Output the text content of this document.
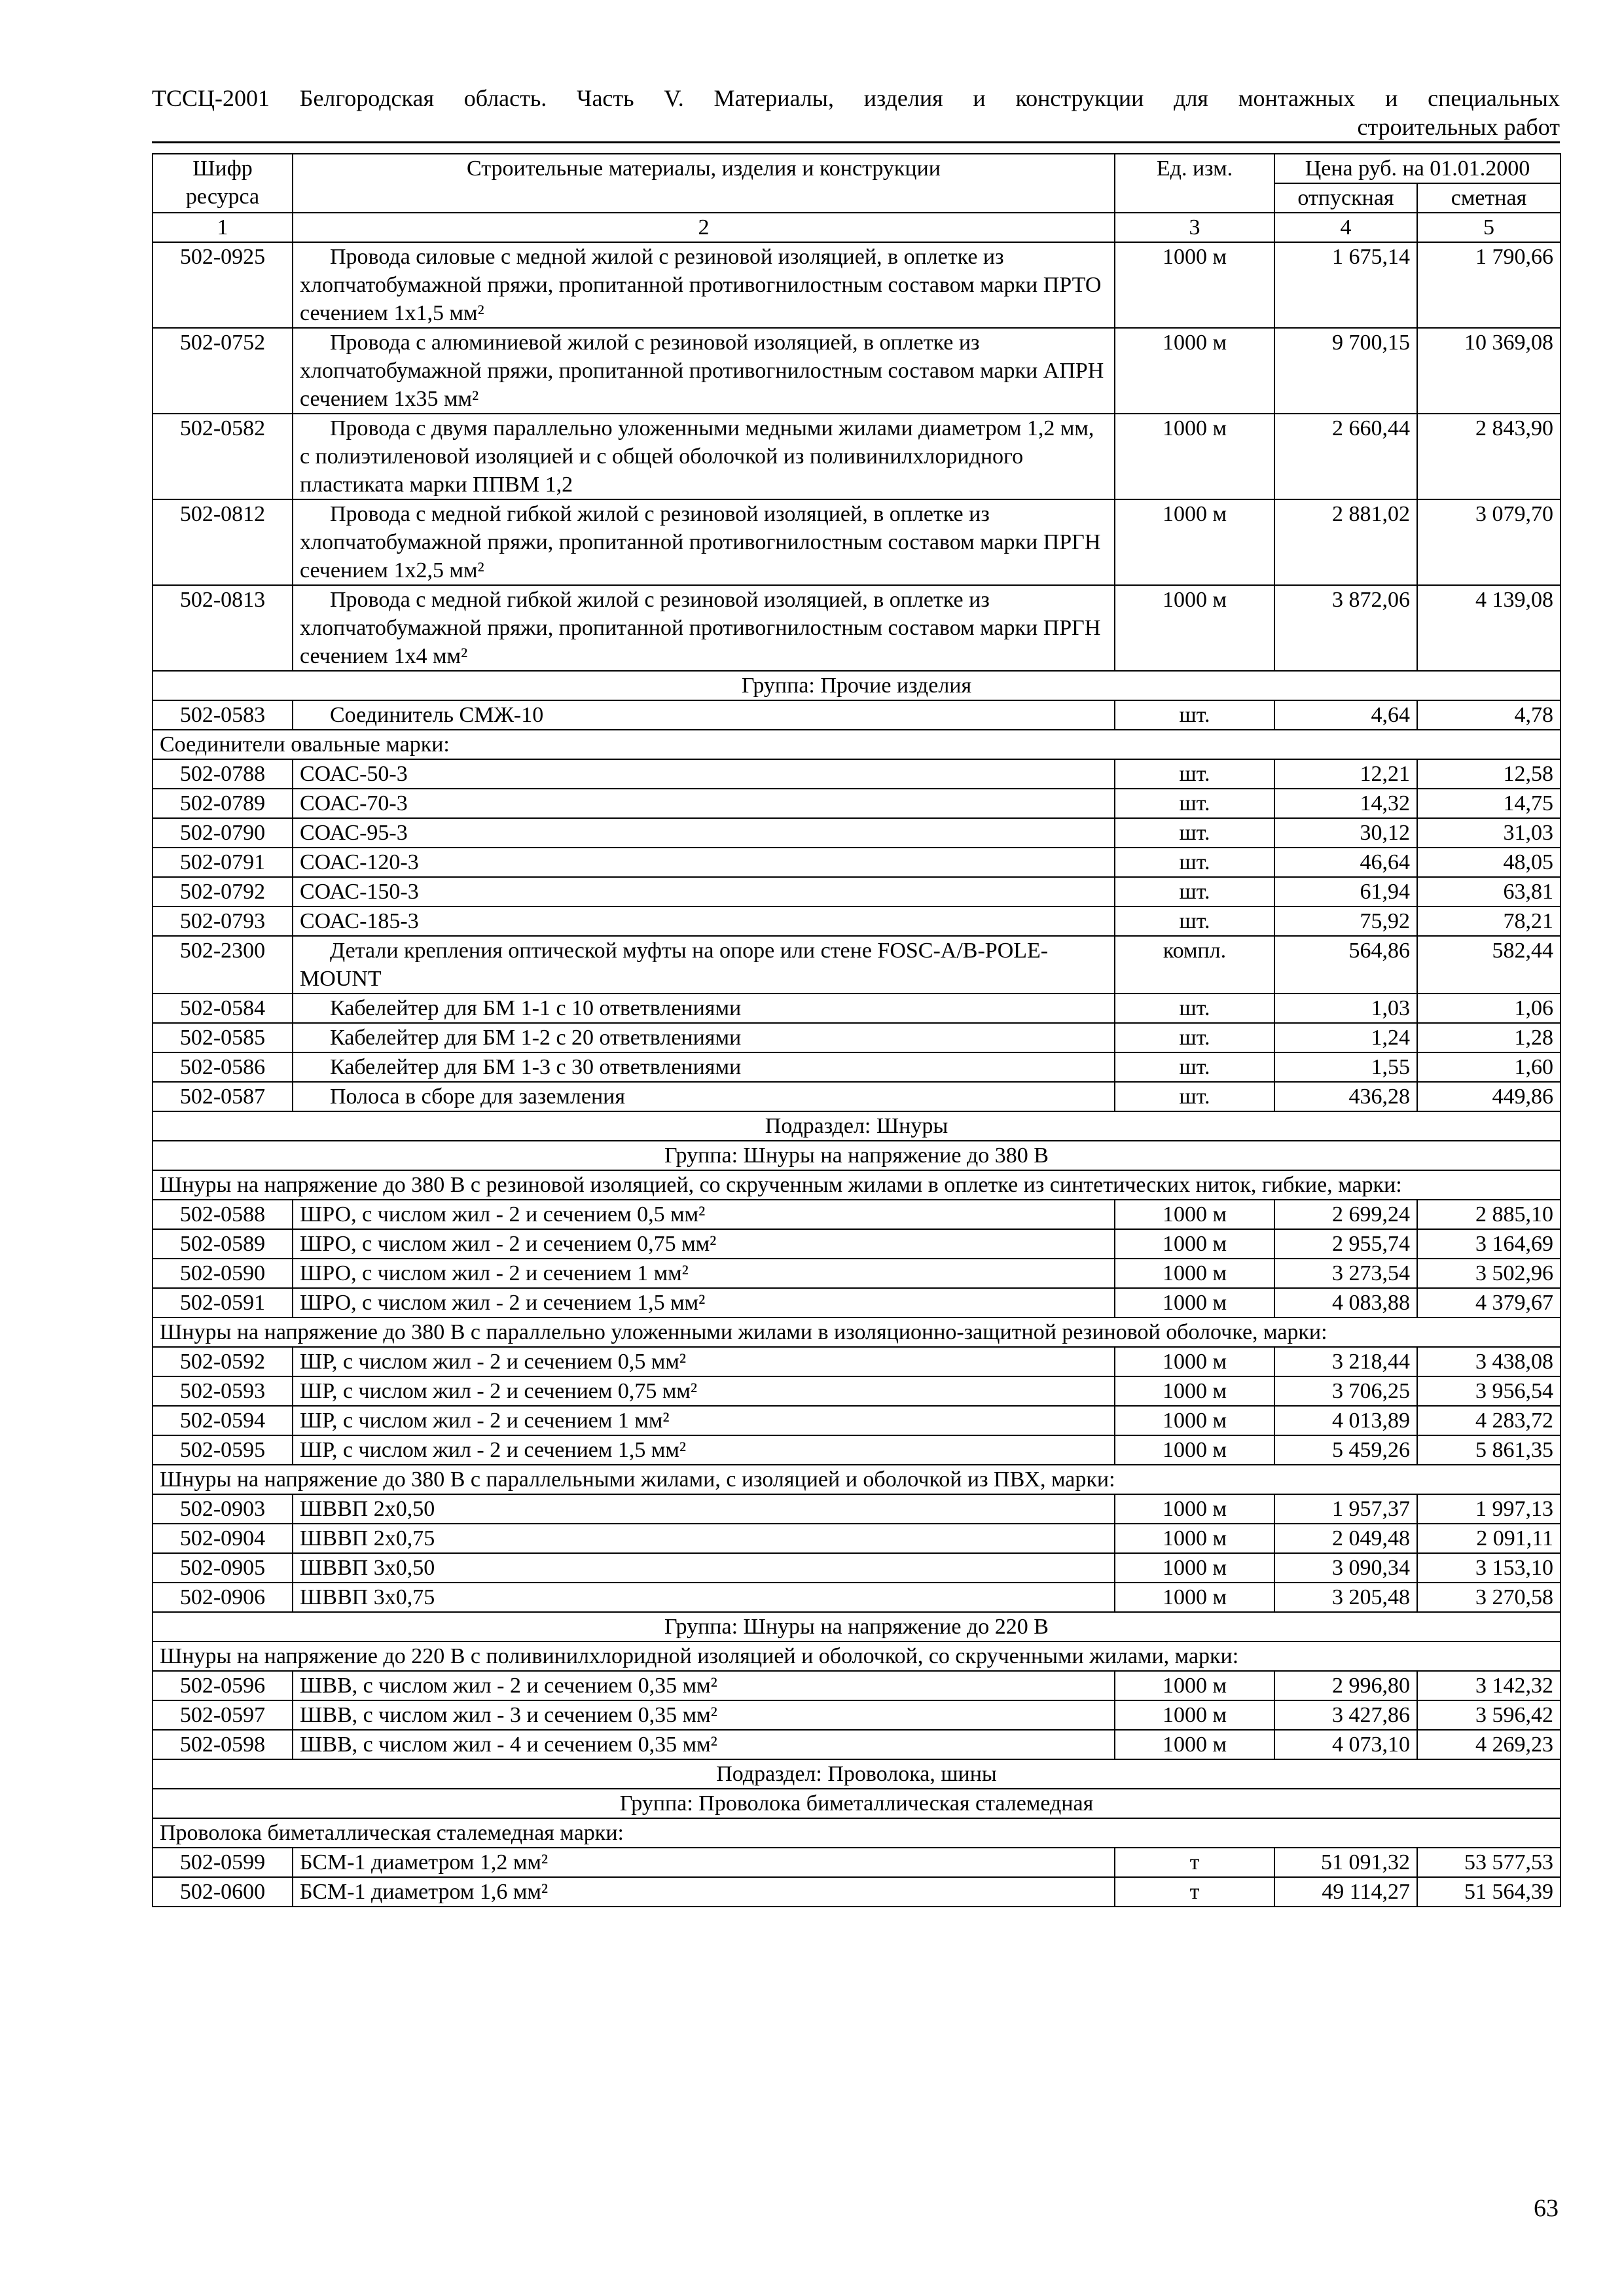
ТССЦ-2001 Белгородская область. Часть V. Материалы, изделия и конструкции для монтажных и специальных
строительных работ
Шифр ресурса	Строительные материалы, изделия и конструкции	Ед. изм.	Цена руб. на 01.01.2000	
			отпускная	сметная
1	2	3	4	5
502-0925	Провода силовые с медной жилой с резиновой изоляцией, в оплетке из хлопчатобумажной пряжи, пропитанной противогнилостным составом марки ПРТО сечением 1х1,5 мм²	1000 м	1 675,14	1 790,66
502-0752	Провода с алюминиевой жилой с резиновой изоляцией, в оплетке из хлопчатобумажной пряжи, пропитанной противогнилостным составом марки АПРН сечением 1х35 мм²	1000 м	9 700,15	10 369,08
502-0582	Провода с двумя параллельно уложенными медными жилами диаметром 1,2 мм, с полиэтиленовой изоляцией и с общей оболочкой из поливинилхлоридного пластиката марки ППВМ 1,2	1000 м	2 660,44	2 843,90
502-0812	Провода с медной гибкой жилой с резиновой изоляцией, в оплетке из хлопчатобумажной пряжи, пропитанной противогнилостным составом марки ПРГН сечением 1х2,5 мм²	1000 м	2 881,02	3 079,70
502-0813	Провода с медной гибкой жилой с резиновой изоляцией, в оплетке из хлопчатобумажной пряжи, пропитанной противогнилостным составом марки ПРГН сечением 1х4 мм²	1000 м	3 872,06	4 139,08
Группа: Прочие изделия				
502-0583	Соединитель СМЖ-10	шт.	4,64	4,78
Соединители овальные марки:				
502-0788	СОАС-50-3	шт.	12,21	12,58
502-0789	СОАС-70-3	шт.	14,32	14,75
502-0790	СОАС-95-3	шт.	30,12	31,03
502-0791	СОАС-120-3	шт.	46,64	48,05
502-0792	СОАС-150-3	шт.	61,94	63,81
502-0793	СОАС-185-3	шт.	75,92	78,21
502-2300	Детали крепления оптической муфты на опоре или стене FOSC-A/B-POLE-MOUNT	компл.	564,86	582,44
502-0584	Кабелейтер для БМ 1-1 с 10 ответвлениями	шт.	1,03	1,06
502-0585	Кабелейтер для БМ 1-2 с 20 ответвлениями	шт.	1,24	1,28
502-0586	Кабелейтер для БМ 1-3 с 30 ответвлениями	шт.	1,55	1,60
502-0587	Полоса в сборе для заземления	шт.	436,28	449,86
Подраздел: Шнуры				
Группа: Шнуры на напряжение до 380 В				
Шнуры на напряжение до 380 В с резиновой изоляцией, со скрученным жилами в оплетке из синтетических ниток, гибкие, марки:				
502-0588	ШРО, с числом жил - 2 и сечением 0,5 мм²	1000 м	2 699,24	2 885,10
502-0589	ШРО, с числом жил - 2 и сечением 0,75 мм²	1000 м	2 955,74	3 164,69
502-0590	ШРО, с числом жил - 2 и сечением 1 мм²	1000 м	3 273,54	3 502,96
502-0591	ШРО, с числом жил - 2 и сечением 1,5 мм²	1000 м	4 083,88	4 379,67
Шнуры на напряжение до 380 В с параллельно уложенными жилами в изоляционно-защитной резиновой оболочке, марки:				
502-0592	ШР, с числом жил - 2 и сечением 0,5 мм²	1000 м	3 218,44	3 438,08
502-0593	ШР, с числом жил - 2 и сечением 0,75 мм²	1000 м	3 706,25	3 956,54
502-0594	ШР, с числом жил - 2 и сечением 1 мм²	1000 м	4 013,89	4 283,72
502-0595	ШР, с числом жил - 2 и сечением 1,5 мм²	1000 м	5 459,26	5 861,35
Шнуры на напряжение до 380 В с параллельными жилами, с изоляцией и оболочкой из ПВХ, марки:				
502-0903	ШВВП 2х0,50	1000 м	1 957,37	1 997,13
502-0904	ШВВП 2х0,75	1000 м	2 049,48	2 091,11
502-0905	ШВВП 3х0,50	1000 м	3 090,34	3 153,10
502-0906	ШВВП 3х0,75	1000 м	3 205,48	3 270,58
Группа: Шнуры на напряжение до 220 В				
Шнуры на напряжение до 220 В с поливинилхлоридной изоляцией и оболочкой, со скрученными жилами, марки:				
502-0596	ШВВ, с числом жил - 2 и сечением 0,35 мм²	1000 м	2 996,80	3 142,32
502-0597	ШВВ, с числом жил - 3 и сечением 0,35 мм²	1000 м	3 427,86	3 596,42
502-0598	ШВВ, с числом жил - 4 и сечением 0,35 мм²	1000 м	4 073,10	4 269,23
Подраздел: Проволока, шины				
Группа: Проволока биметаллическая сталемедная				
Проволока биметаллическая сталемедная марки:				
502-0599	БСМ-1 диаметром 1,2 мм²	т	51 091,32	53 577,53
502-0600	БСМ-1 диаметром 1,6 мм²	т	49 114,27	51 564,39
63
